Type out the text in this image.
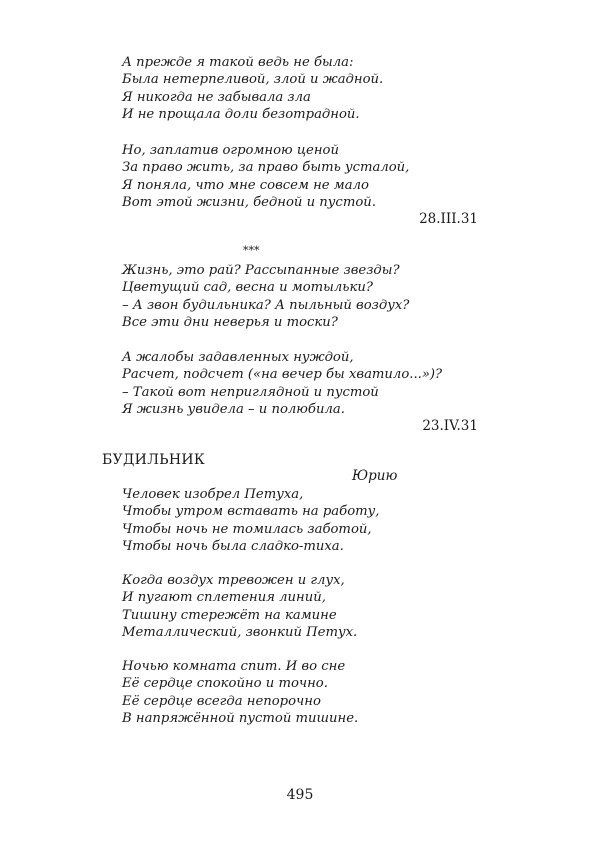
А прежде я такой ведь не была:
Была нетерпеливой, злой и жадной.
Я никогда не забывала зла
И не прощала доли безотрадной.
Но, заплатив огромною ценой
За право жить, за право быть усталой,
Я поняла, что мне совсем не мало
Вот этой жизни, бедной и пустой.
28.III.31
***
Жизнь, это рай? Рассыпанные звезды?
Цветущий сад, весна и мотыльки?
– А звон будильника? А пыльный воздух?
Все эти дни неверья и тоски?
А жалобы задавленных нуждой,
Расчет, подсчет («на вечер бы хватило...»)?
– Такой вот неприглядной и пустой
Я жизнь увидела – и полюбила.
23.IV.31
БУДИЛЬНИК
Юрию
Человек изобрел Петуха,
Чтобы утром вставать на работу,
Чтобы ночь не томилась заботой,
Чтобы ночь была сладко-тиха.
Когда воздух тревожен и глух,
И пугают сплетения линий,
Тишину стережёт на камине
Металлический, звонкий Петух.
Ночью комната спит. И во сне
Её сердце спокойно и точно.
Её сердце всегда непорочно
В напряжённой пустой тишине.
495
